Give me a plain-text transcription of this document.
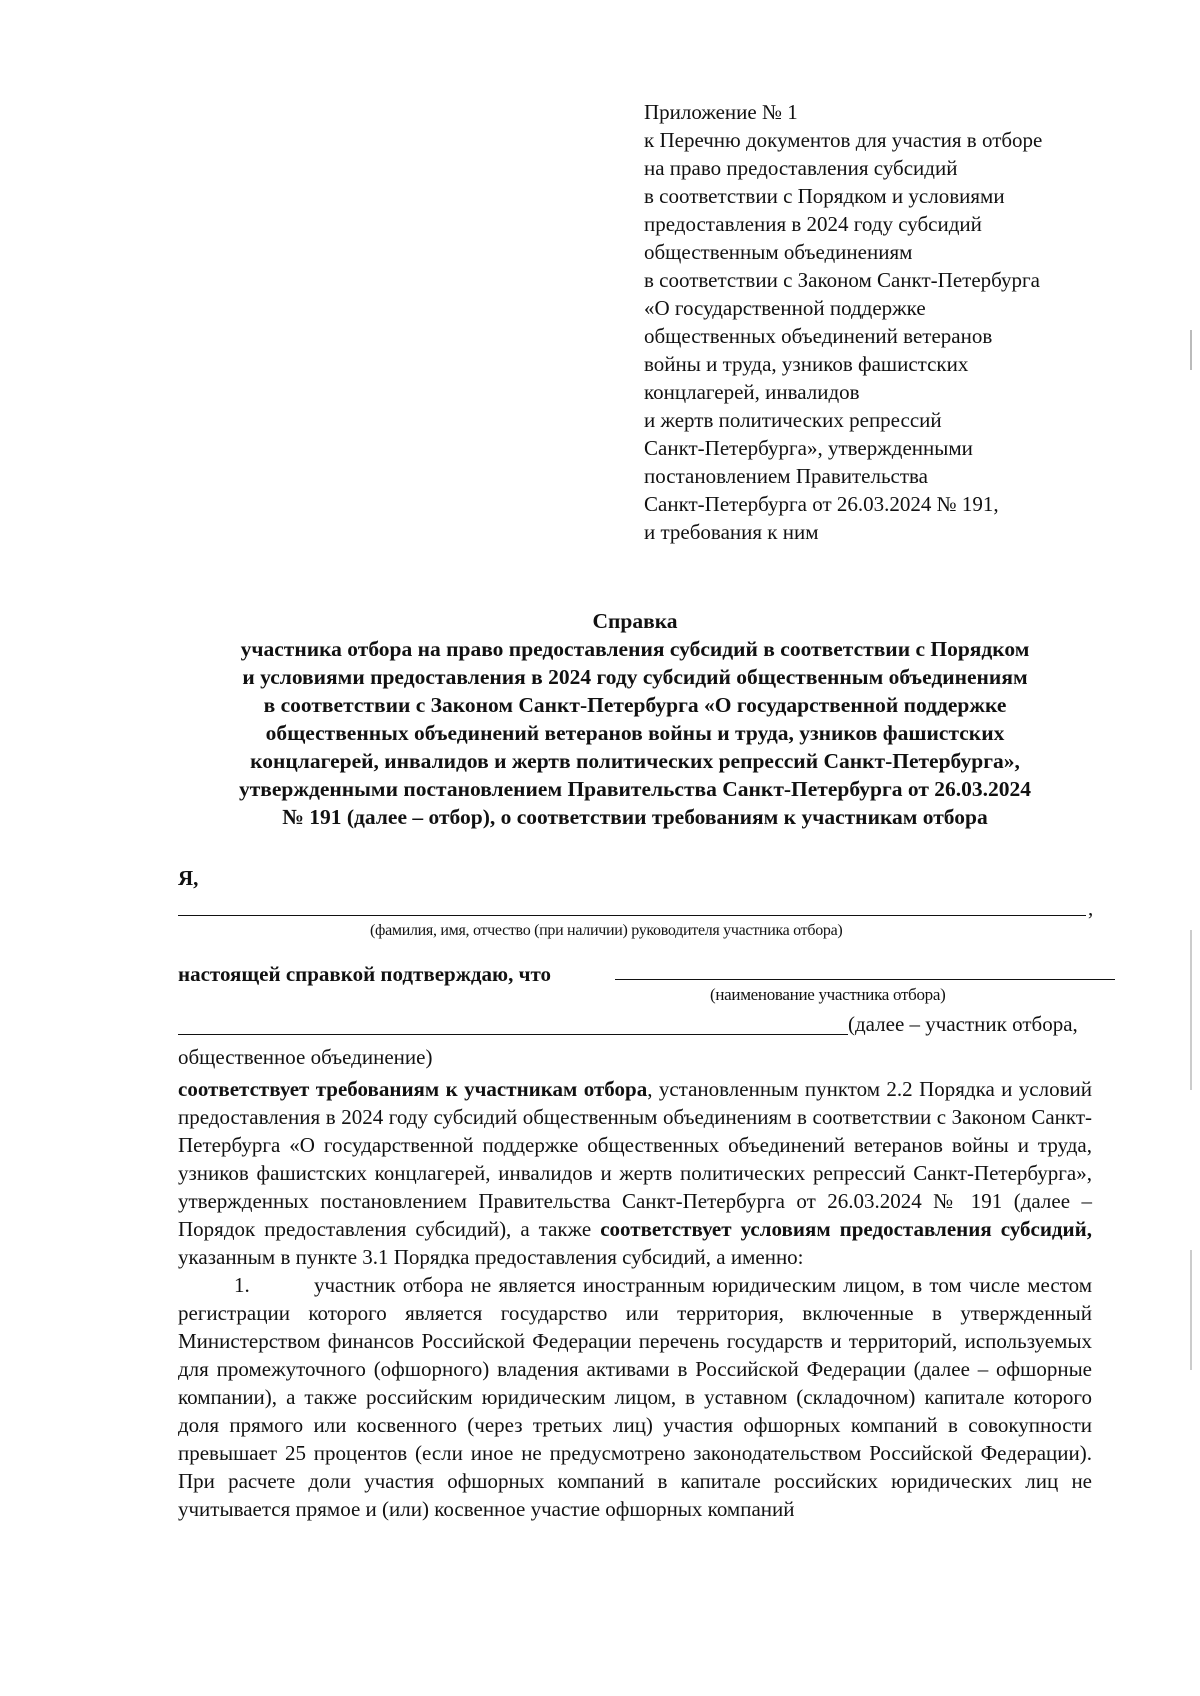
Приложение № 1
к Перечню документов для участия в отборе
на право предоставления субсидий
в соответствии с Порядком и условиями
предоставления в 2024 году субсидий
общественным объединениям
в соответствии с Законом Санкт-Петербурга
«О государственной поддержке
общественных объединений ветеранов
войны и труда, узников фашистских
концлагерей, инвалидов
и жертв политических репрессий
Санкт-Петербурга», утвержденными
постановлением Правительства
Санкт-Петербурга от 26.03.2024 № 191,
и требования к ним
Справка
участника отбора на право предоставления субсидий в соответствии с Порядком
и условиями предоставления в 2024 году субсидий общественным объединениям
в соответствии с Законом Санкт-Петербурга «О государственной поддержке
общественных объединений ветеранов войны и труда, узников фашистских
концлагерей, инвалидов и жертв политических репрессий Санкт-Петербурга»,
утвержденными постановлением Правительства Санкт-Петербурга от 26.03.2024
№ 191 (далее – отбор), о соответствии требованиям к участникам отбора
Я,
,
(фамилия, имя, отчество (при наличии) руководителя участника отбора)
настоящей справкой подтверждаю, что
(наименование участника отбора)
(далее – участник отбора,
общественное объединение)

соответствует требованиям к участникам отбора, установленным пунктом 2.2 Порядка и условий предоставления в 2024 году субсидий общественным объединениям в соответствии с Законом Санкт-Петербурга «О государственной поддержке общественных объединений ветеранов войны и труда, узников фашистских концлагерей, инвалидов и жертв политических репрессий Санкт-Петербурга», утвержденных постановлением Правительства Санкт-Петербурга от 26.03.2024 № 191 (далее – Порядок предоставления субсидий), а также соответствует условиям предоставления субсидий, указанным в пункте 3.1 Порядка предоставления субсидий, а именно:

1.	участник отбора не является иностранным юридическим лицом, в том числе местом регистрации которого является государство или территория, включенные в утвержденный Министерством финансов Российской Федерации перечень государств и территорий, используемых для промежуточного (офшорного) владения активами в Российской Федерации (далее – офшорные компании), а также российским юридическим лицом, в уставном (складочном) капитале которого доля прямого или косвенного (через третьих лиц) участия офшорных компаний в совокупности превышает 25 процентов (если иное не предусмотрено законодательством Российской Федерации). При расчете доли участия офшорных компаний в капитале российских юридических лиц не учитывается прямое и (или) косвенное участие офшорных компаний
